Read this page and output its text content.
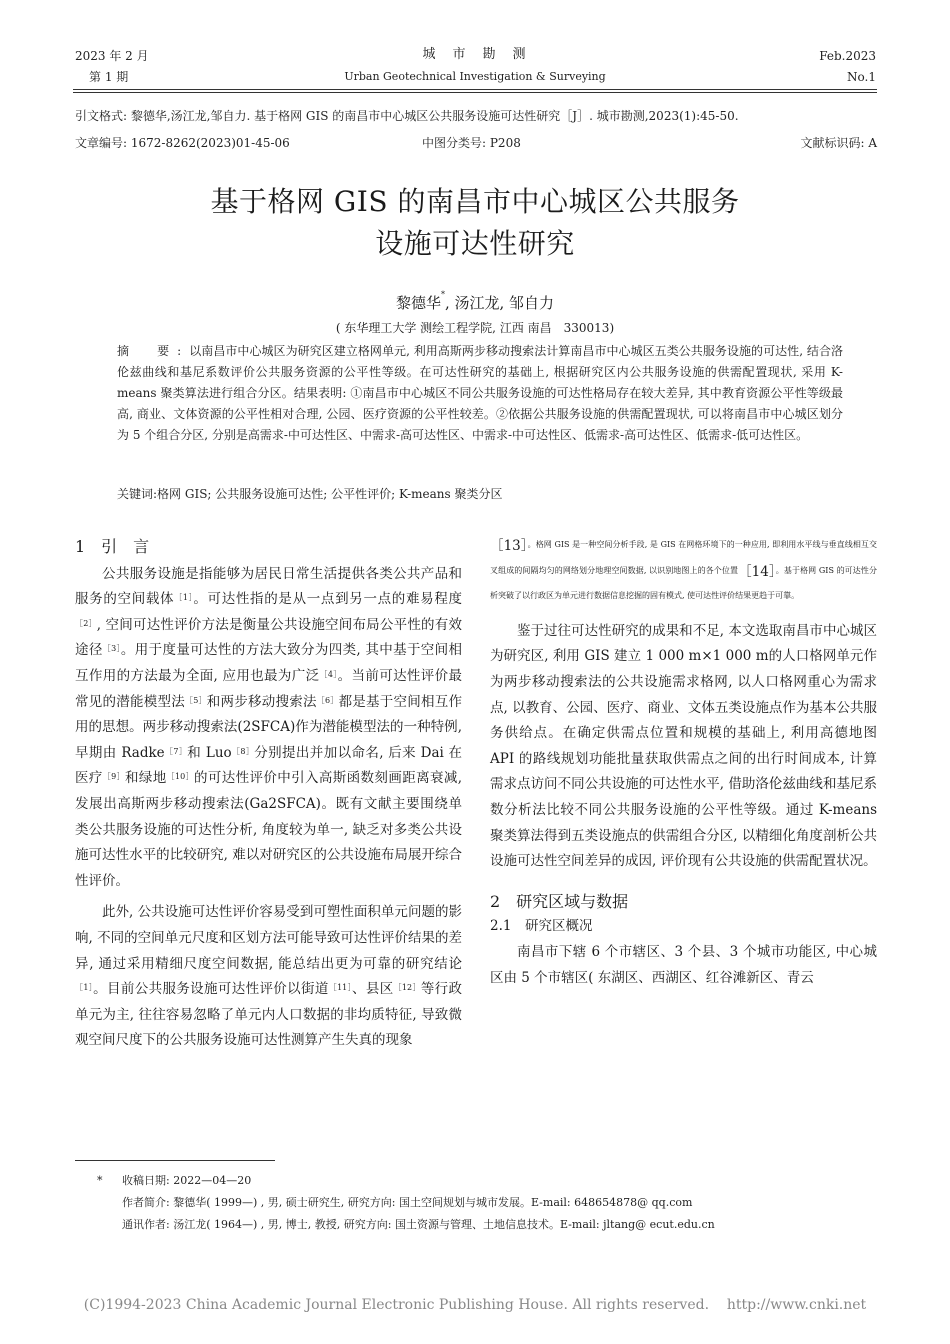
2023 年 2 月
第 1 期
城　市　勘　测
Urban Geotechnical Investigation & Surveying
Feb.2023
No.1
引文格式: 黎德华,汤江龙,邹自力. 基于格网 GIS 的南昌市中心城区公共服务设施可达性研究［J］. 城市勘测,2023(1):45-50.
文章编号: 1672-8262(2023)01-45-06	中图分类号: P208	文献标识码: A
基于格网 GIS 的南昌市中心城区公共服务
设施可达性研究
黎德华*, 汤江龙, 邹自力
( 东华理工大学 测绘工程学院, 江西 南昌　330013)
摘　要:以南昌市中心城区为研究区建立格网单元, 利用高斯两步移动搜索法计算南昌市中心城区五类公共服务设施的可达性, 结合洛伦兹曲线和基尼系数评价公共服务资源的公平性等级。在可达性研究的基础上, 根据研究区内公共服务设施的供需配置现状, 采用 K-means 聚类算法进行组合分区。结果表明: ①南昌市中心城区不同公共服务设施的可达性格局存在较大差异, 其中教育资源公平性等级最高, 商业、文体资源的公平性相对合理, 公园、医疗资源的公平性较差。②依据公共服务设施的供需配置现状, 可以将南昌市中心城区划分为 5 个组合分区, 分别是高需求-中可达性区、中需求-高可达性区、中需求-中可达性区、低需求-高可达性区、低需求-低可达性区。
关键词:格网 GIS; 公共服务设施可达性; 公平性评价; K-means 聚类分区
1　引　言

公共服务设施是指能够为居民日常生活提供各类公共产品和服务的空间载体$^{[1]}$。可达性指的是从一点到另一点的难易程度$^{[2]}$, 空间可达性评价方法是衡量公共设施空间布局公平性的有效途径$^{[3]}$。用于度量可达性的方法大致分为四类, 其中基于空间相互作用的方法最为全面, 应用也最为广泛$^{[4]}$。当前可达性评价最常见的潜能模型法$^{[5]}$和两步移动搜索法$^{[6]}$都是基于空间相互作用的思想。两步移动搜索法(2SFCA)作为潜能模型法的一种特例, 早期由 Radke$^{[7]}$和 Luo$^{[8]}$分别提出并加以命名, 后来 Dai 在医疗$^{[9]}$和绿地$^{[10]}$的可达性评价中引入高斯函数刻画距离衰减, 发展出高斯两步移动搜索法(Ga2SFCA)。既有文献主要围绕单类公共服务设施的可达性分析, 角度较为单一, 缺乏对多类公共设施可达性水平的比较研究, 难以对研究区的公共设施布局展开综合性评价。

此外, 公共设施可达性评价容易受到可塑性面积单元问题的影响, 不同的空间单元尺度和区划方法可能导致可达性评价结果的差异, 通过采用精细尺度空间数据, 能总结出更为可靠的研究结论$^{[1]}$。目前公共服务设施可达性评价以街道$^{[11]}$、县区$^{[12]}$等行政单元为主, 往往容易忽略了单元内人口数据的非均质特征, 导致微观空间尺度下的公共服务设施可达性测算产生失真的现象

［13］$^{。格网 GIS 是一种空间分析手段, 是 GIS 在网格环境下的一种应用, 即利用水平线与垂直线相互交叉组成的间隔均匀的网络划分地理空间数据, 以识别地图上的各个位置}$［14］$^{。基于格网 GIS 的可达性分析突破了以行政区为单元进行数据信息挖掘的固有模式, 使可达性评价结果更趋于可靠。}$

鉴于过往可达性研究的成果和不足, 本文选取南昌市中心城区为研究区, 利用 GIS 建立 1 000 m×1 000 m的人口格网单元作为两步移动搜索法的公共设施需求格网, 以人口格网重心为需求点, 以教育、公园、医疗、商业、文体五类设施点作为基本公共服务供给点。在确定供需点位置和规模的基础上, 利用高德地图 API 的路线规划功能批量获取供需点之间的出行时间成本, 计算需求点访问不同公共设施的可达性水平, 借助洛伦兹曲线和基尼系数分析法比较不同公共服务设施的公平性等级。通过 K-means 聚类算法得到五类设施点的供需组合分区, 以精细化角度剖析公共设施可达性空间差异的成因, 评价现有公共设施的供需配置状况。

2　研究区域与数据
2.1　研究区概况

南昌市下辖 6 个市辖区、3 个县、3 个城市功能区, 中心城区由 5 个市辖区( 东湖区、西湖区、红谷滩新区、青云

* 收稿日期: 2022—04—20
作者简介: 黎德华( 1999—) , 男, 硕士研究生, 研究方向: 国土空间规划与城市发展。E-mail: 648654878@ qq.com
通讯作者: 汤江龙( 1964—) , 男, 博士, 教授, 研究方向: 国土资源与管理、土地信息技术。E-mail: jltang@ ecut.edu.cn
(C)1994-2023 China Academic Journal Electronic Publishing House. All rights reserved. http://www.cnki.net
